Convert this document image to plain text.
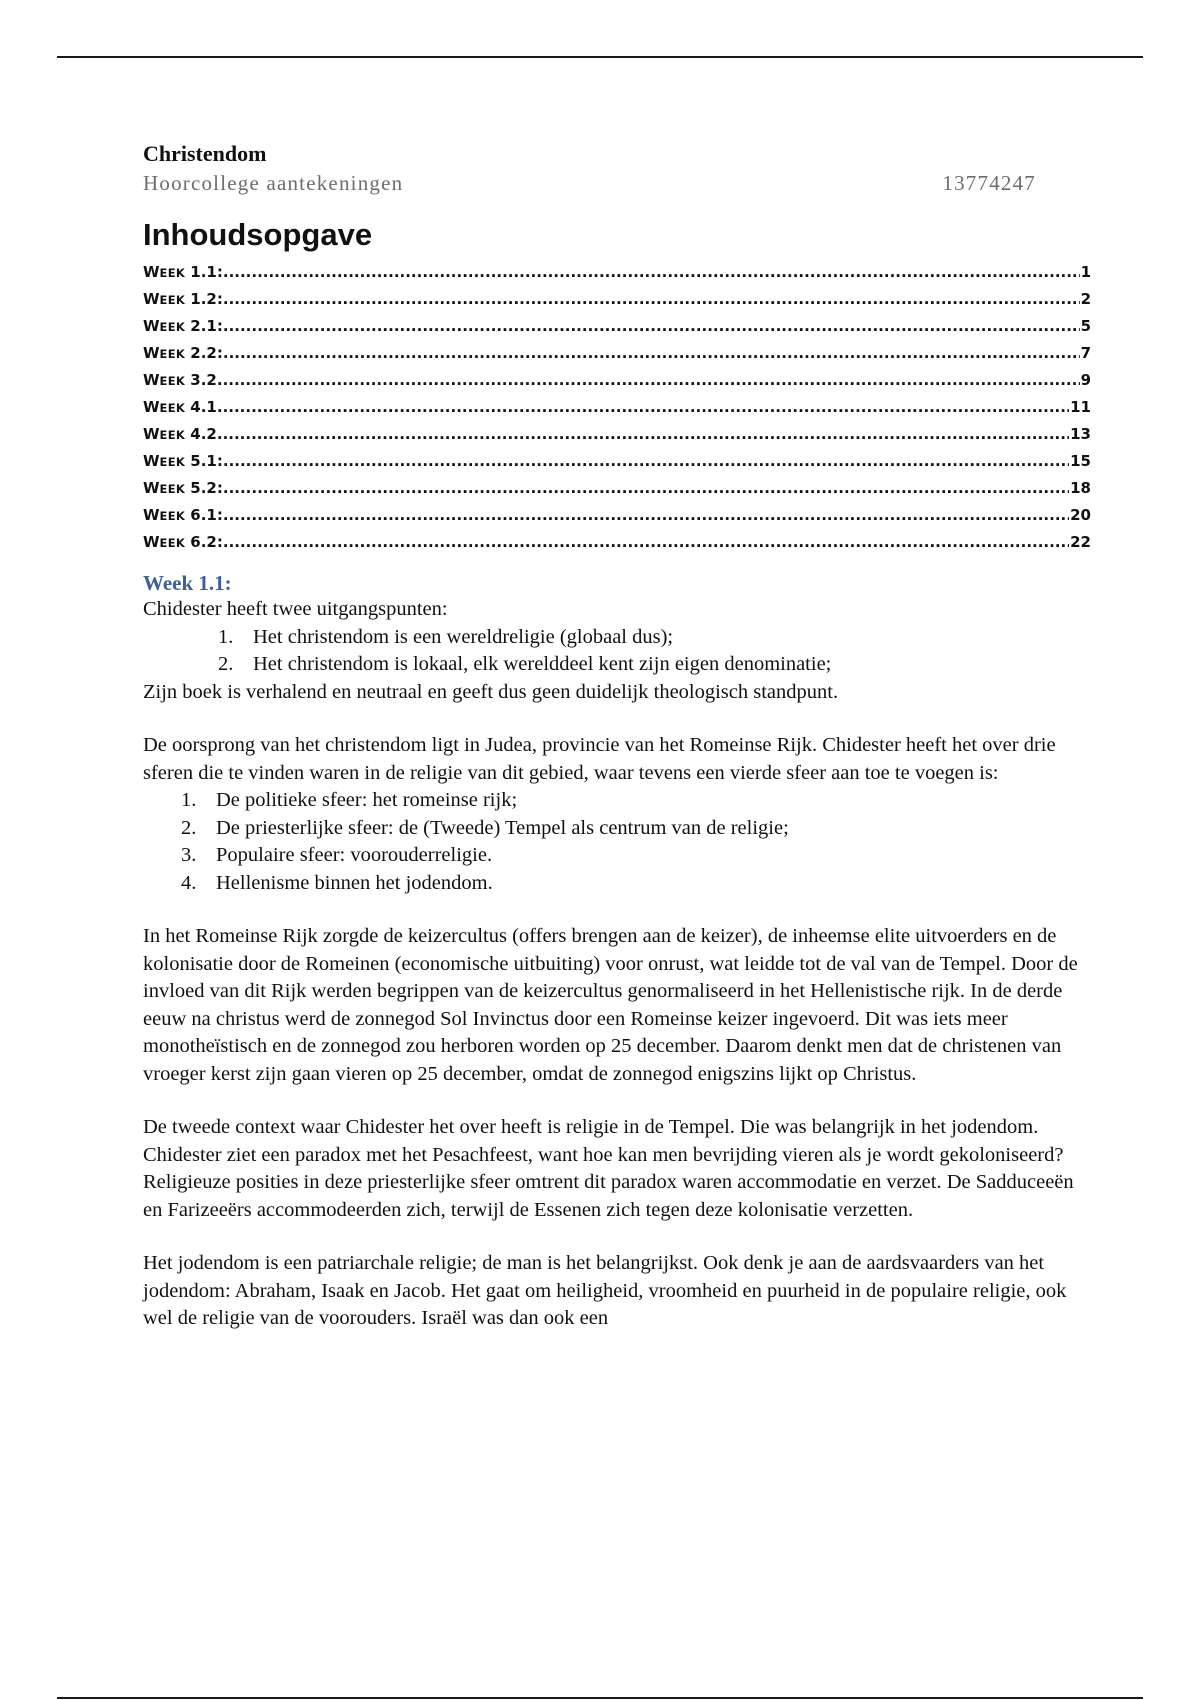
Christendom
Hoorcollege aantekeningen	13774247
Inhoudsopgave
WEEK 1.1: .....	1
WEEK 1.2: .....	2
WEEK 2.1: .....	5
WEEK 2.2: .....	7
WEEK 3.2 .....	9
WEEK 4.1 .....	11
WEEK 4.2 .....	13
WEEK 5.1: .....	15
WEEK 5.2: .....	18
WEEK 6.1: .....	20
WEEK 6.2: .....	22
Week 1.1:

Chidester heeft twee uitgangspunten:

1. Het christendom is een wereldreligie (globaal dus);
2. Het christendom is lokaal, elk werelddeel kent zijn eigen denominatie;

Zijn boek is verhalend en neutraal en geeft dus geen duidelijk theologisch standpunt.

De oorsprong van het christendom ligt in Judea, provincie van het Romeinse Rijk. Chidester heeft het over drie sferen die te vinden waren in de religie van dit gebied, waar tevens een vierde sfeer aan toe te voegen is:

1. De politieke sfeer: het romeinse rijk;
2. De priesterlijke sfeer: de (Tweede) Tempel als centrum van de religie;
3. Populaire sfeer: voorouderreligie.
4. Hellenisme binnen het jodendom.

In het Romeinse Rijk zorgde de keizercultus (offers brengen aan de keizer), de inheemse elite uitvoerders en de kolonisatie door de Romeinen (economische uitbuiting) voor onrust, wat leidde tot de val van de Tempel. Door de invloed van dit Rijk werden begrippen van de keizercultus genormaliseerd in het Hellenistische rijk. In de derde eeuw na christus werd de zonnegod Sol Invinctus door een Romeinse keizer ingevoerd. Dit was iets meer monotheïstisch en de zonnegod zou herboren worden op 25 december. Daarom denkt men dat de christenen van vroeger kerst zijn gaan vieren op 25 december, omdat de zonnegod enigszins lijkt op Christus.

De tweede context waar Chidester het over heeft is religie in de Tempel. Die was belangrijk in het jodendom. Chidester ziet een paradox met het Pesachfeest, want hoe kan men bevrijding vieren als je wordt gekoloniseerd? Religieuze posities in deze priesterlijke sfeer omtrent dit paradox waren accommodatie en verzet. De Sadduceeën en Farizeeërs accommodeerden zich, terwijl de Essenen zich tegen deze kolonisatie verzetten.

Het jodendom is een patriarchale religie; de man is het belangrijkst. Ook denk je aan de aardsvaarders van het jodendom: Abraham, Isaak en Jacob. Het gaat om heiligheid, vroomheid en puurheid in de populaire religie, ook wel de religie van de voorouders. Israël was dan ook een
